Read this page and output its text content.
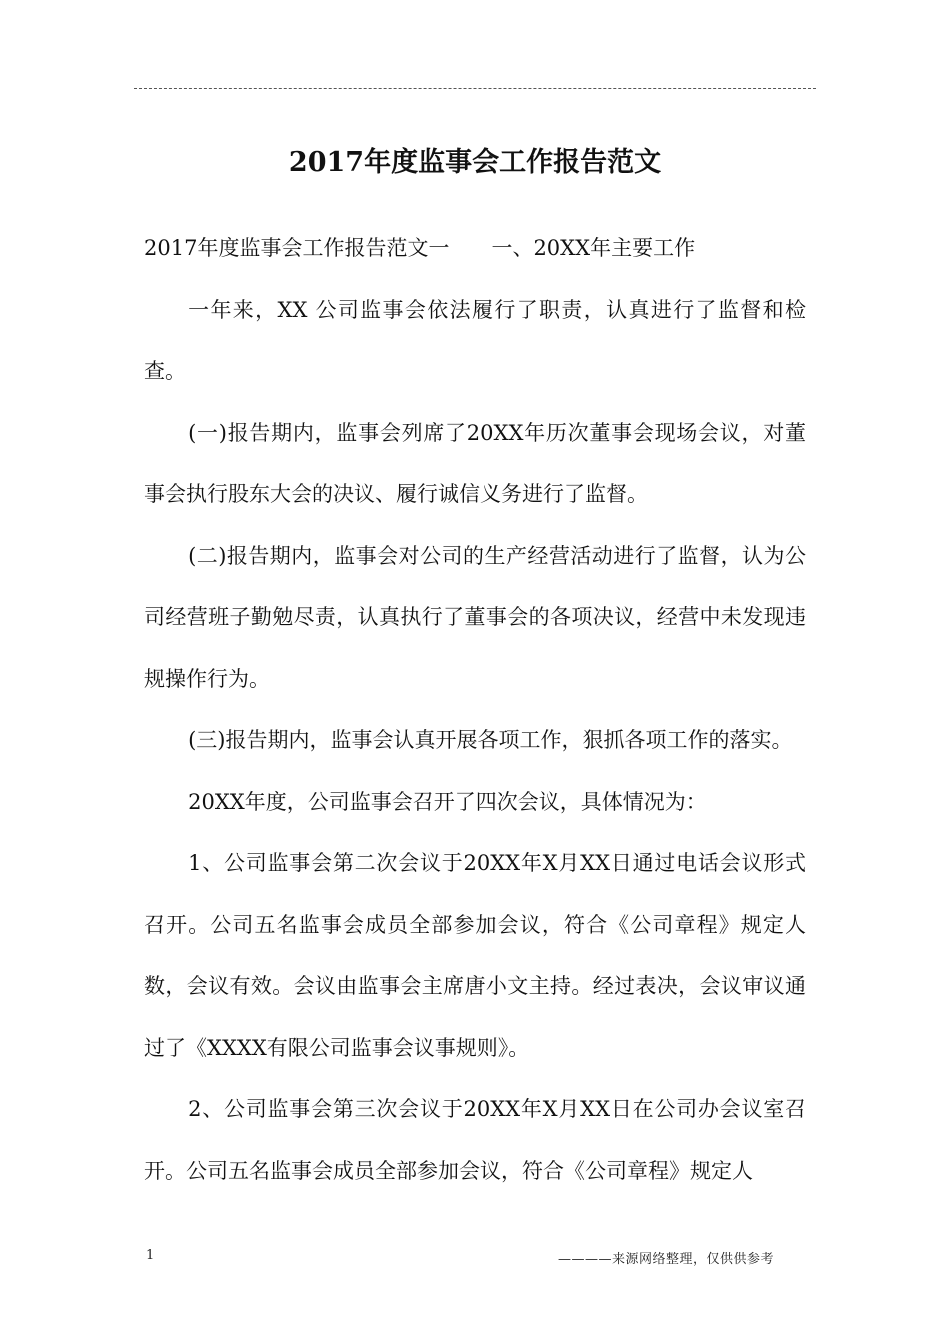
2017年度监事会工作报告范文

2017年度监事会工作报告范文一　　一、20XX年主要工作

一年来，XX 公司监事会依法履行了职责，认真进行了监督和检查。

(一)报告期内，监事会列席了20XX年历次董事会现场会议，对董事会执行股东大会的决议、履行诚信义务进行了监督。

(二)报告期内，监事会对公司的生产经营活动进行了监督，认为公司经营班子勤勉尽责，认真执行了董事会的各项决议，经营中未发现违规操作行为。

(三)报告期内，监事会认真开展各项工作，狠抓各项工作的落实。

20XX年度，公司监事会召开了四次会议，具体情况为：

1、公司监事会第二次会议于20XX年X月XX日通过电话会议形式召开。公司五名监事会成员全部参加会议，符合《公司章程》规定人数，会议有效。会议由监事会主席唐小文主持。经过表决，会议审议通过了《XXXX有限公司监事会议事规则》。

2、公司监事会第三次会议于20XX年X月XX日在公司办会议室召开。公司五名监事会成员全部参加会议，符合《公司章程》规定人

1	————来源网络整理，仅供供参考
